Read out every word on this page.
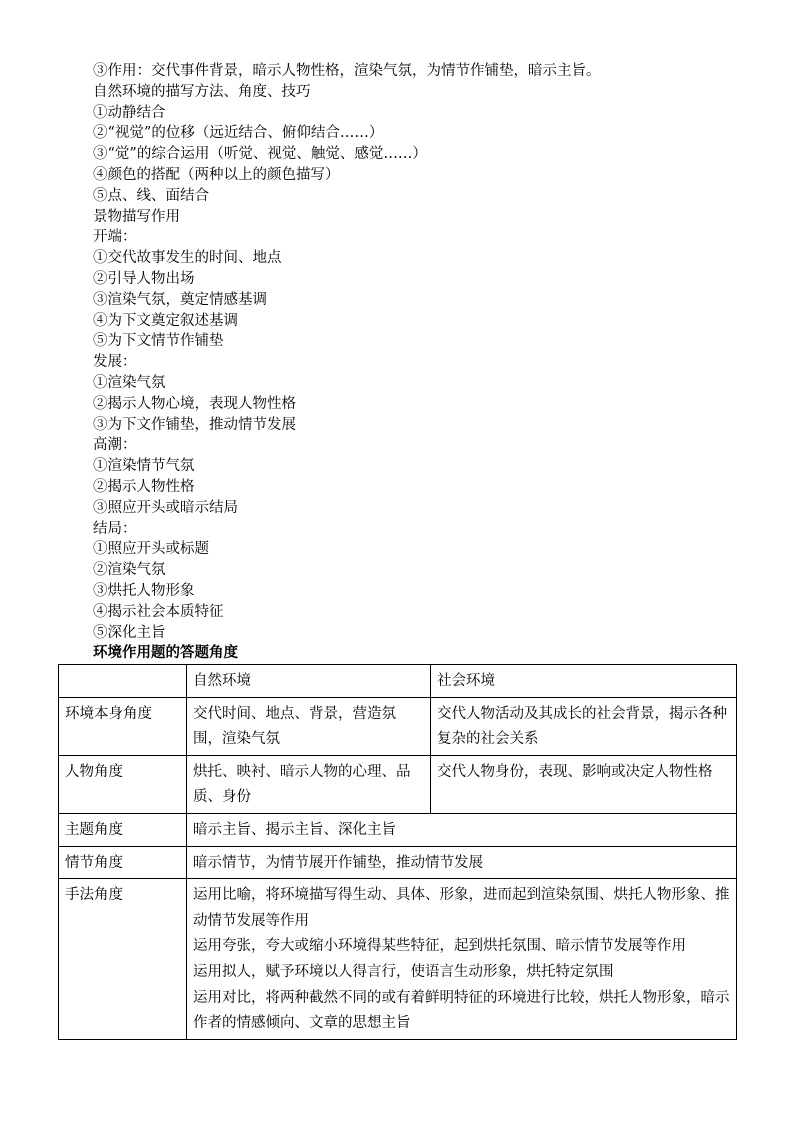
③作用：交代事件背景，暗示人物性格，渲染气氛，为情节作铺垫，暗示主旨。
自然环境的描写方法、角度、技巧
①动静结合
②“视觉”的位移（远近结合、俯仰结合……）
③“觉”的综合运用（听觉、视觉、触觉、感觉……）
④颜色的搭配（两种以上的颜色描写）
⑤点、线、面结合
景物描写作用
开端：
①交代故事发生的时间、地点
②引导人物出场
③渲染气氛，奠定情感基调
④为下文奠定叙述基调
⑤为下文情节作铺垫
发展：
①渲染气氛
②揭示人物心境，表现人物性格
③为下文作铺垫，推动情节发展
高潮：
①渲染情节气氛
②揭示人物性格
③照应开头或暗示结局
结局：
①照应开头或标题
②渲染气氛
③烘托人物形象
④揭示社会本质特征
⑤深化主旨
环境作用题的答题角度
	自然环境	社会环境
环境本身角度	交代时间、地点、背景，营造氛围，渲染气氛	交代人物活动及其成长的社会背景，揭示各种复杂的社会关系
人物角度	烘托、映衬、暗示人物的心理、品质、身份	交代人物身份，表现、影响或决定人物性格
主题角度	暗示主旨、揭示主旨、深化主旨	
情节角度	暗示情节，为情节展开作铺垫，推动情节发展	
手法角度	运用比喻，将环境描写得生动、具体、形象，进而起到渲染氛围、烘托人物形象、推动情节发展等作用

运用夸张，夸大或缩小环境得某些特征，起到烘托氛围、暗示情节发展等作用

运用拟人，赋予环境以人得言行，使语言生动形象，烘托特定氛围

运用对比，将两种截然不同的或有着鲜明特征的环境进行比较，烘托人物形象，暗示作者的情感倾向、文章的思想主旨	
